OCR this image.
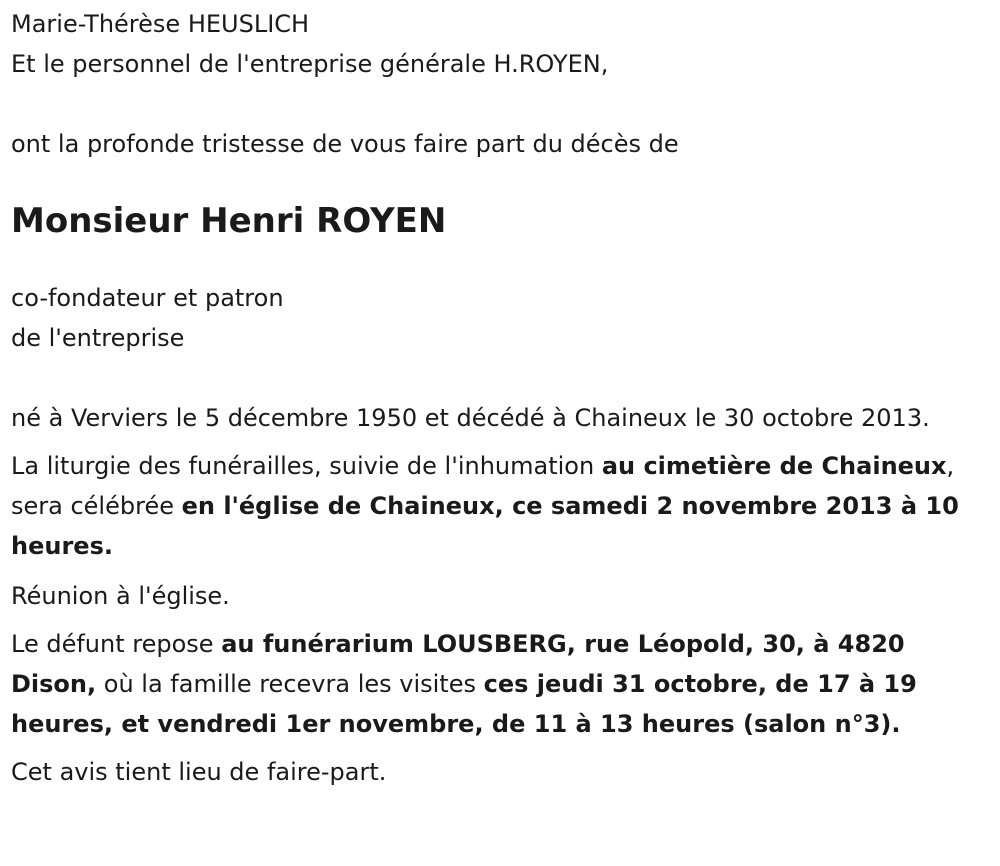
Marie-Thérèse HEUSLICH

Et le personnel de l'entreprise générale H.ROYEN,

ont la profonde tristesse de vous faire part du décès de

Monsieur Henri ROYEN

co-fondateur et patron

de l'entreprise

né à Verviers le 5 décembre 1950 et décédé à Chaineux le 30 octobre 2013.

La liturgie des funérailles, suivie de l'inhumation au cimetière de Chaineux, sera célébrée en l'église de Chaineux, ce samedi 2 novembre 2013 à 10 heures.

Réunion à l'église.

Le défunt repose au funérarium LOUSBERG, rue Léopold, 30, à 4820 Dison, où la famille recevra les visites ces jeudi 31 octobre, de 17 à 19 heures, et vendredi 1er novembre, de 11 à 13 heures (salon n°3).

Cet avis tient lieu de faire-part.
